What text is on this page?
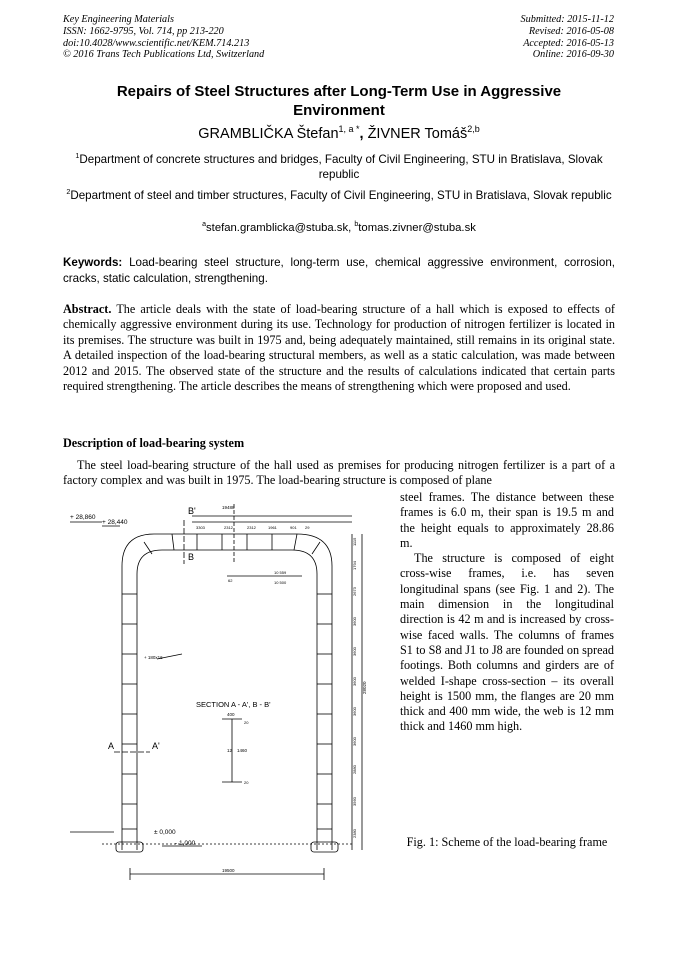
Key Engineering Materials
ISSN: 1662-9795, Vol. 714, pp 213-220
doi:10.4028/www.scientific.net/KEM.714.213
© 2016 Trans Tech Publications Ltd, Switzerland
Submitted: 2015-11-12
Revised: 2016-05-08
Accepted: 2016-05-13
Online: 2016-09-30
Repairs of Steel Structures after Long-Term Use in Aggressive
Environment
GRAMBLIČKA Štefan$^{1, a *}$, ŽIVNER Tomáš$^{2,b}$
$^1$Department of concrete structures and bridges, Faculty of Civil Engineering, STU in Bratislava, Slovak republic
$^2$Department of steel and timber structures, Faculty of Civil Engineering, STU in Bratislava, Slovak republic
$^a$stefan.gramblicka@stuba.sk, $^b$tomas.zivner@stuba.sk
Keywords: Load-bearing steel structure, long-term use, chemical aggressive environment, corrosion, cracks, static calculation, strengthening.
Abstract. The article deals with the state of load-bearing structure of a hall which is exposed to effects of chemically aggressive environment during its use. Technology for production of nitrogen fertilizer is located in its premises. The structure was built in 1975 and, being adequately maintained, still remains in its original state. A detailed inspection of the load-bearing structural members, as well as a static calculation, was made between 2012 and 2015. The observed state of the structure and the results of calculations indicated that certain parts required strengthening. The article describes the means of strengthening which were proposed and used.
Description of load-bearing system
The steel load-bearing structure of the hall used as premises for producing nitrogen fertilizer is a part of a factory complex and was built in 1975. The load-bearing structure is composed of plane

steel frames. The distance between these frames is 6.0 m, their span is 19.5 m and the height equals to approximately 28.86 m.

The structure is composed of eight cross-wise frames, i.e. has seven longitudinal spans (see Fig. 1 and 2). The main dimension in the longitudinal direction is 42 m and is increased by cross-wise faced walls. The columns of frames S1 to S8 and J1 to J8 are founded on spread footings. Both columns and girders are of welded I-shape cross-section – its overall height is 1500 mm, the flanges are 20 mm thick and 400 mm wide, the web is 12 mm thick and 1460 mm high.

+ 28,860
+ 28,440
B'
B
A	A'
19488
3303	2312	2312	1961	901 29
10 559
10 500
62
+ 180x16
SECTION A - A', B - B'
400
12 1460
20
20
± 0,000
- 1,000
19500
28020
1115
1794
2673
3600
3600
3600
3600
3600
2880
3560
2380
Fig. 1: Scheme of the load-bearing frame
